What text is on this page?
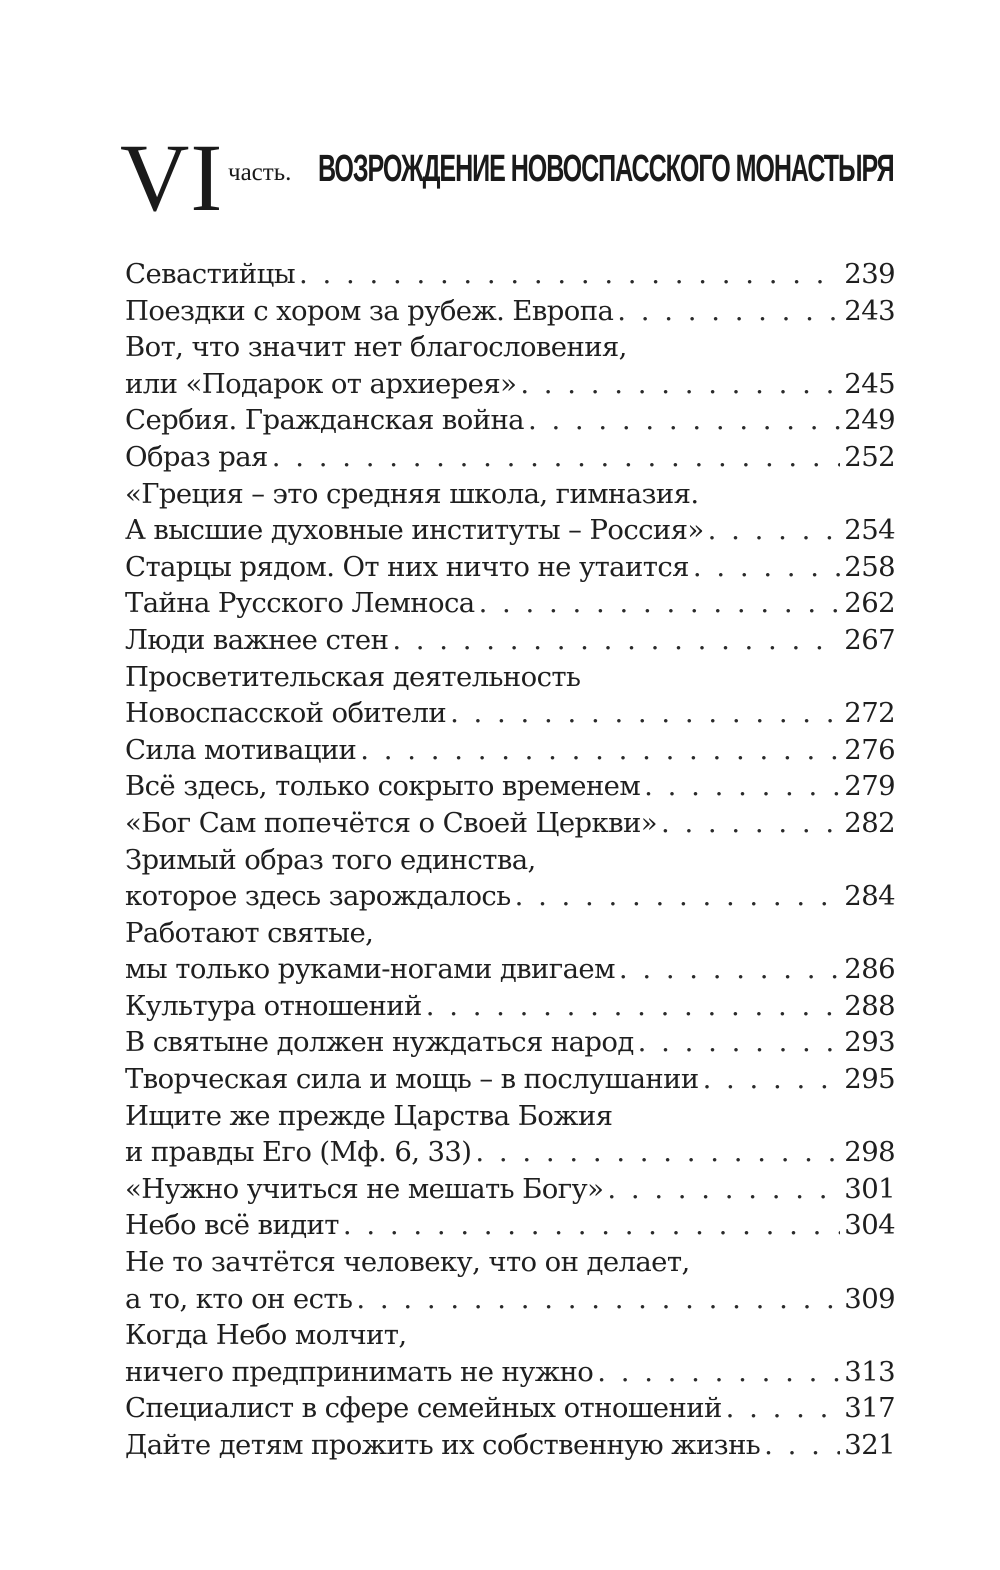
VI часть. ВОЗРОЖДЕНИЕ НОВОСПАССКОГО МОНАСТЫРЯ
Севастийцы . . .	239
Поездки с хором за рубеж. Европа . . .	243
Вот, что значит нет благословения,
или «Подарок от архиерея» . . .	245
Сербия. Гражданская война . . .	249
Образ рая . . .	252
«Греция – это средняя школа, гимназия.
А высшие духовные институты – Россия» . . .	254
Старцы рядом. От них ничто не утаится . . .	258
Тайна Русского Лемноса . . .	262
Люди важнее стен . . .	267
Просветительская деятельность
Новоспасской обители . . .	272
Сила мотивации . . .	276
Всё здесь, только сокрыто временем . . .	279
«Бог Сам попечётся о Своей Церкви» . . .	282
Зримый образ того единства,
которое здесь зарождалось . . .	284
Работают святые,
мы только руками-ногами двигаем . . .	286
Культура отношений . . .	288
В святыне должен нуждаться народ . . .	293
Творческая сила и мощь – в послушании . . .	295
Ищите же прежде Царства Божия
и правды Его (Мф. 6, 33) . . .	298
«Нужно учиться не мешать Богу» . . .	301
Небо всё видит . . .	304
Не то зачтётся человеку, что он делает,
а то, кто он есть . . .	309
Когда Небо молчит,
ничего предпринимать не нужно . . .	313
Специалист в сфере семейных отношений . . .	317
Дайте детям прожить их собственную жизнь . . .	321
